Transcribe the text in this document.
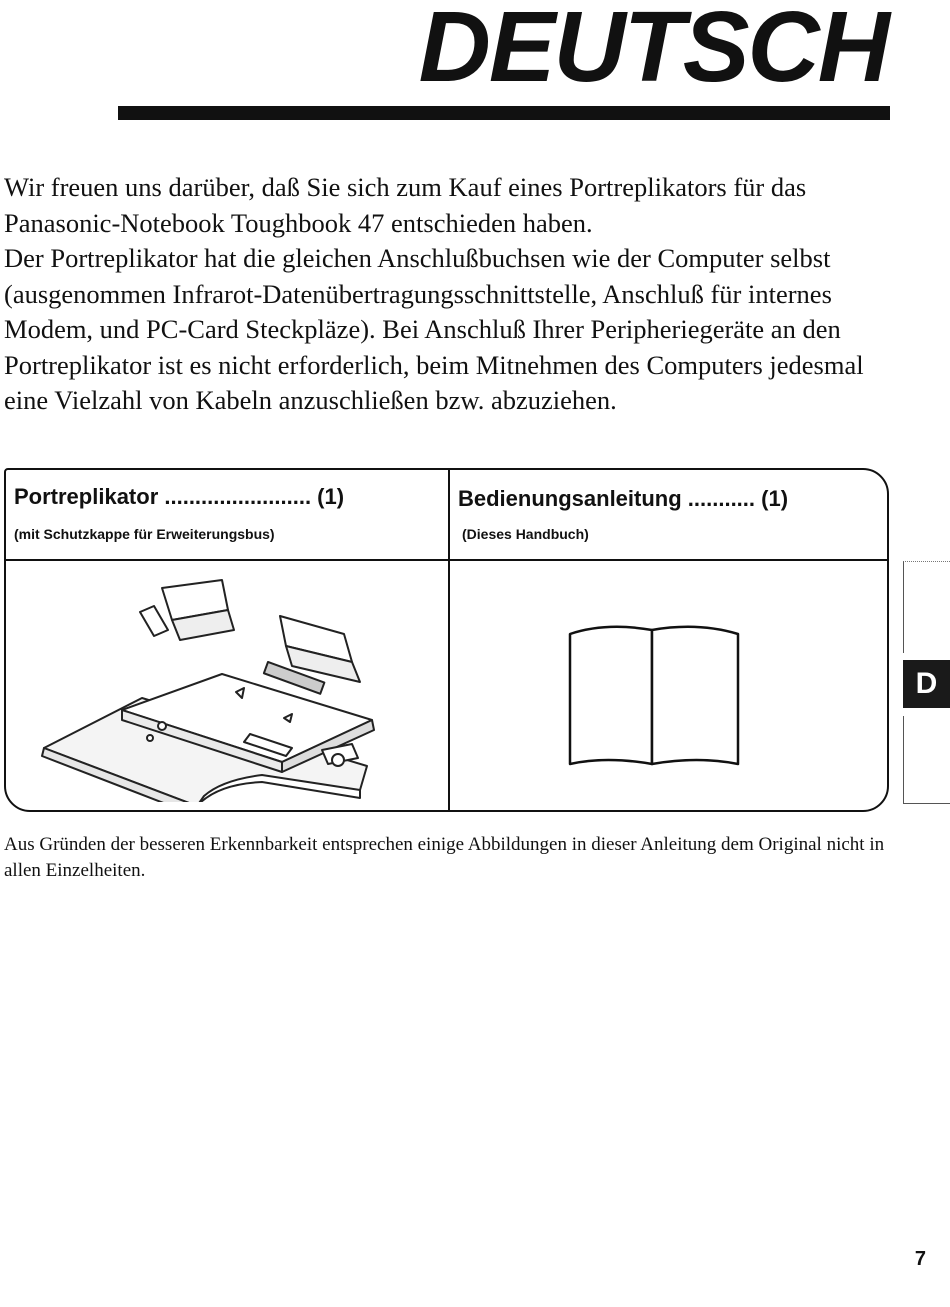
DEUTSCH

Wir freuen uns darüber, daß Sie sich zum Kauf eines Portreplikators für das Panasonic-Notebook Toughbook 47 entschieden haben.

Der Portreplikator hat die gleichen Anschlußbuchsen wie der Computer selbst (ausgenommen Infrarot-Datenübertragungsschnittstelle, Anschluß für internes Modem, und PC-Card Steckpläze). Bei Anschluß Ihrer Peripheriegeräte an den Portreplikator ist es nicht erforderlich, beim Mitnehmen des Computers jedesmal eine Vielzahl von Kabeln anzuschließen bzw. abzuziehen.

Portreplikator ........................ (1)
(mit Schutzkappe für Erweiterungsbus)
Bedienungsanleitung ........... (1)
(Dieses Handbuch)

Aus Gründen der besseren Erkennbarkeit entsprechen einige Abbildungen in dieser Anleitung dem Original nicht in allen Einzelheiten.

D
7
